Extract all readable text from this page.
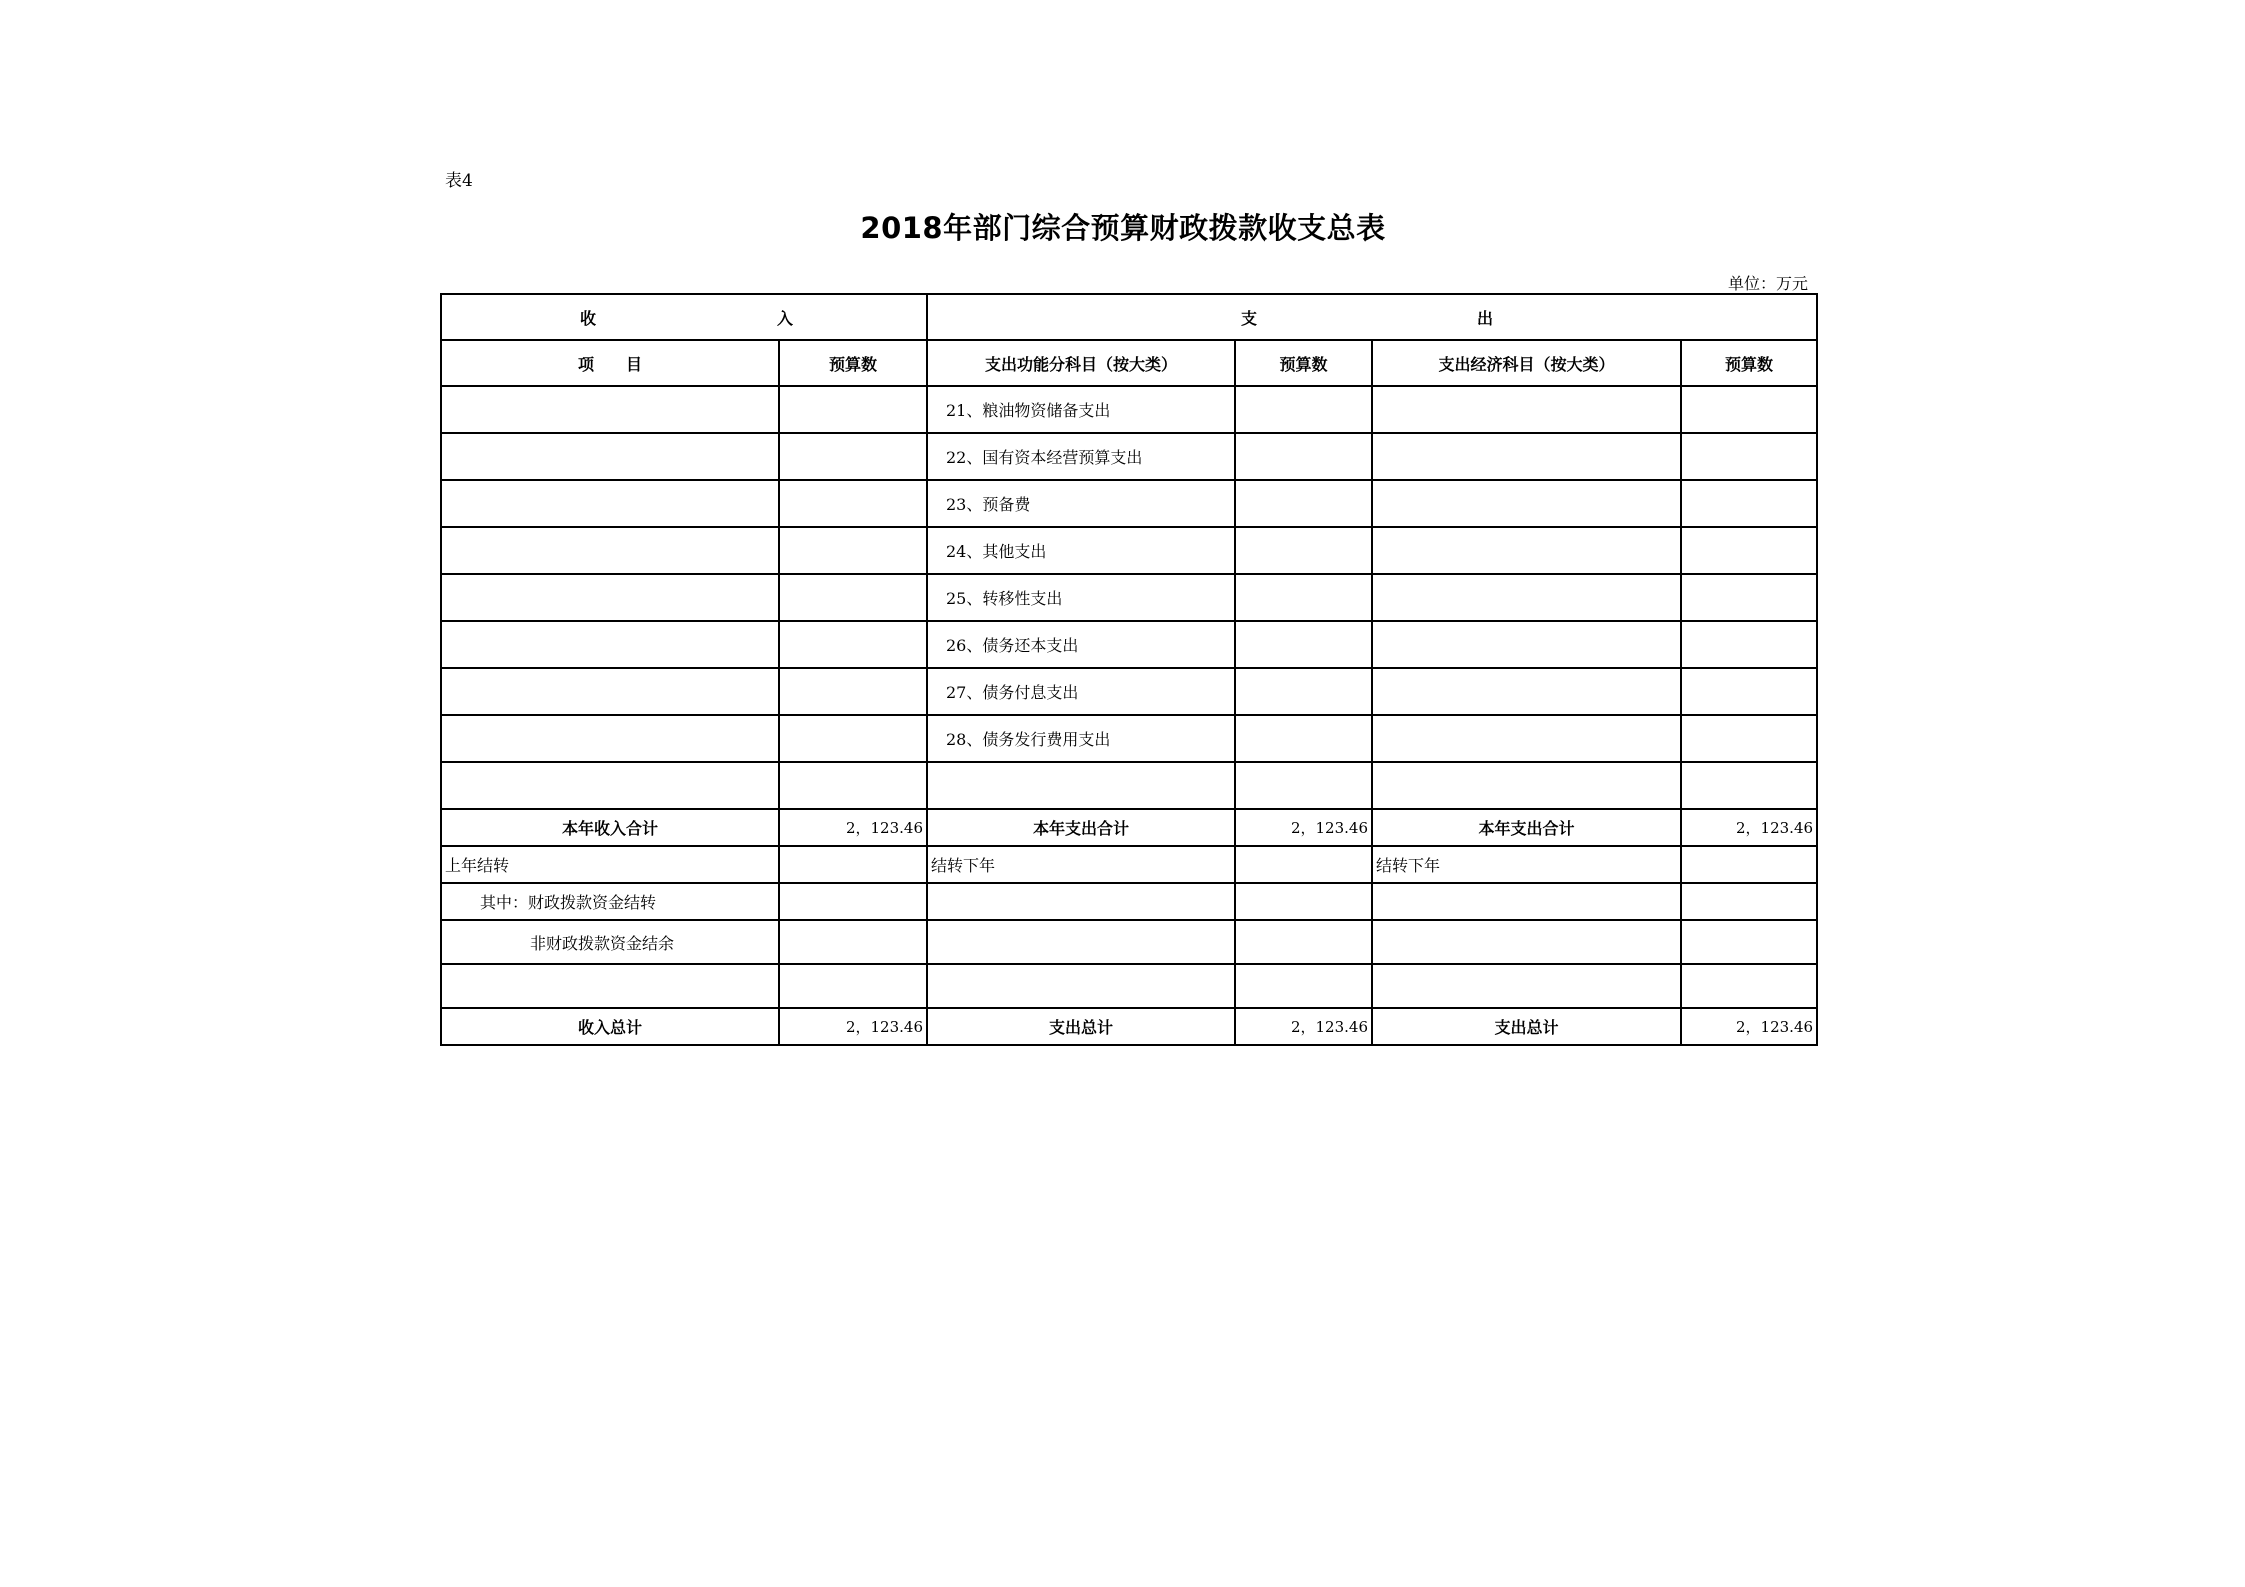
表4
2018年部门综合预算财政拨款收支总表
单位：万元
收 入		支 出			

项　　目	预算数	支出功能分科目（按大类）	预算数	支出经济科目（按大类）	预算数
		21、粮油物资储备支出			
		22、国有资本经营预算支出			
		23、预备费			
		24、其他支出			
		25、转移性支出			
		26、债务还本支出			
		27、债务付息支出			
		28、债务发行费用支出			

本年收入合计	2，123.46	本年支出合计	2，123.46	本年支出合计	2，123.46
上年结转		结转下年		结转下年	
其中：财政拨款资金结转					
非财政拨款资金结余					

收入总计	2，123.46	支出总计	2，123.46	支出总计	2，123.46
